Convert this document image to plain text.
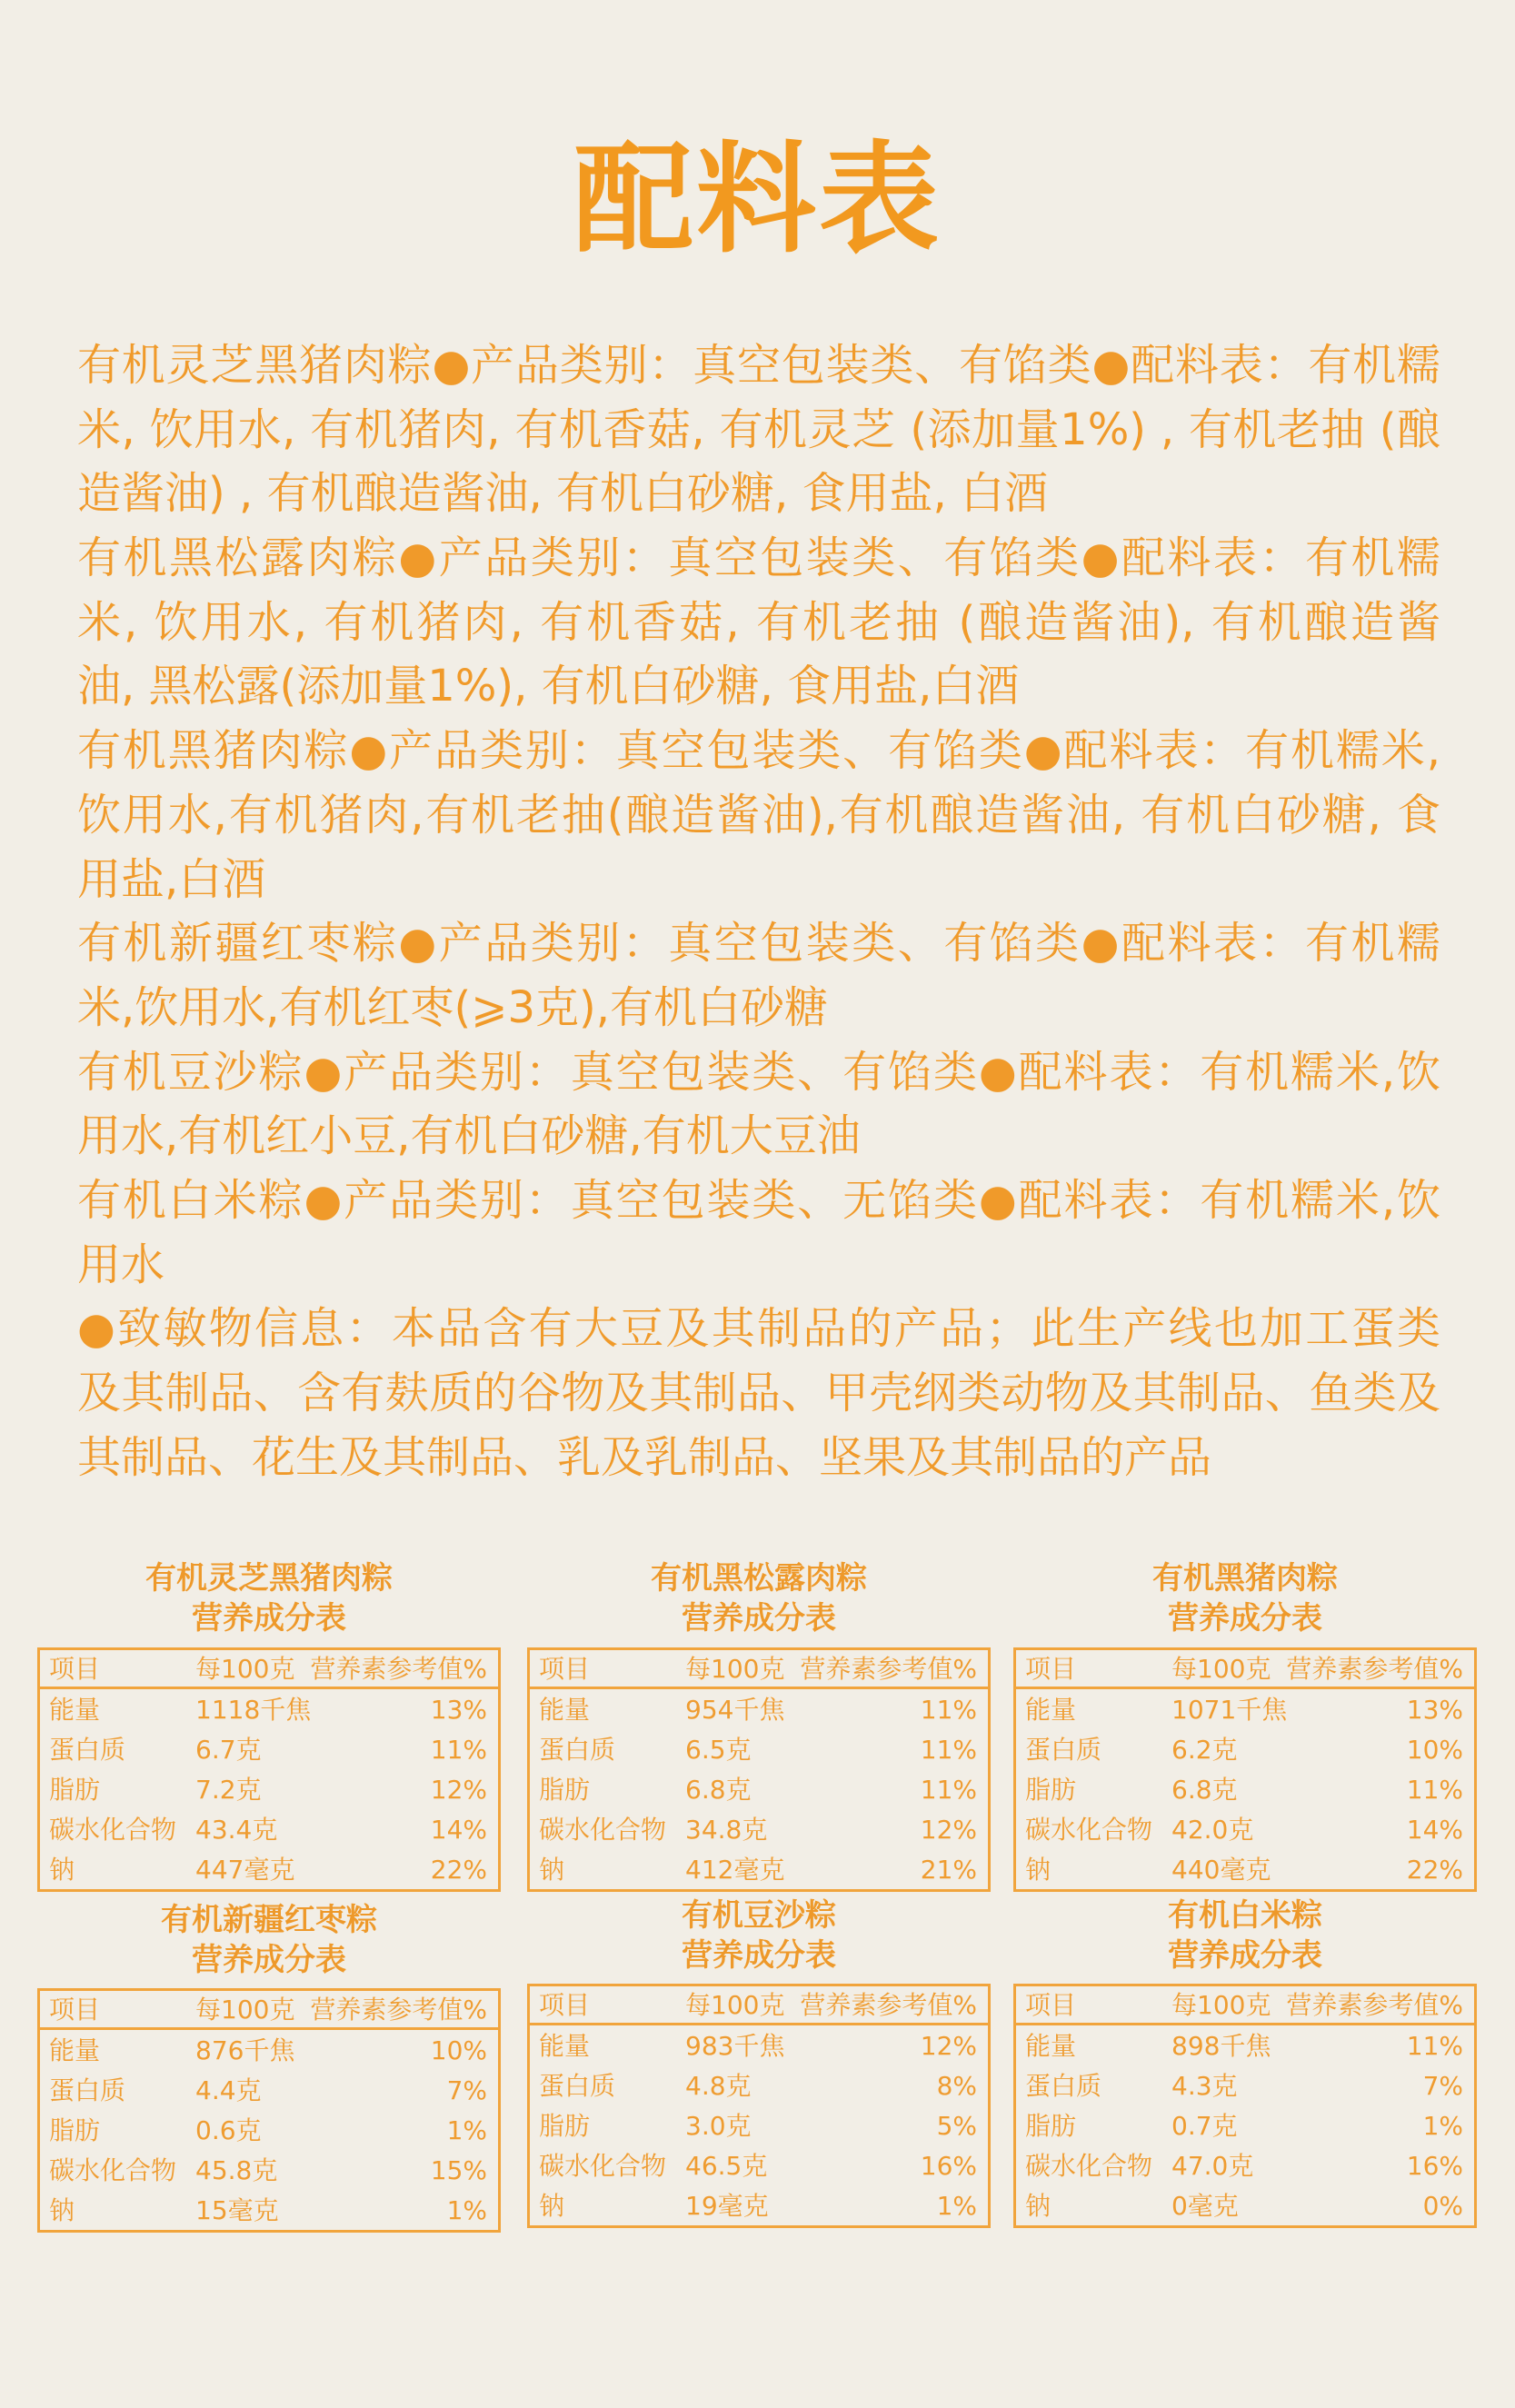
配料表
有机灵芝黑猪肉粽●产品类别：真空包装类、有馅类●配料表：有机糯
米, 饮用水, 有机猪肉, 有机香菇, 有机灵芝 (添加量1%) , 有机老抽 (酿
造酱油) , 有机酿造酱油, 有机白砂糖, 食用盐, 白酒
有机黑松露肉粽●产品类别：真空包装类、有馅类●配料表：有机糯
米, 饮用水, 有机猪肉, 有机香菇, 有机老抽 (酿造酱油), 有机酿造酱
油, 黑松露(添加量1%), 有机白砂糖, 食用盐,白酒
有机黑猪肉粽●产品类别：真空包装类、有馅类●配料表：有机糯米,
饮用水,有机猪肉,有机老抽(酿造酱油),有机酿造酱油, 有机白砂糖, 食
用盐,白酒
有机新疆红枣粽●产品类别：真空包装类、有馅类●配料表：有机糯
米,饮用水,有机红枣(⩾3克),有机白砂糖
有机豆沙粽●产品类别：真空包装类、有馅类●配料表：有机糯米,饮
用水,有机红小豆,有机白砂糖,有机大豆油
有机白米粽●产品类别：真空包装类、无馅类●配料表：有机糯米,饮
用水
●致敏物信息：本品含有大豆及其制品的产品；此生产线也加工蛋类
及其制品、含有麸质的谷物及其制品、甲壳纲类动物及其制品、鱼类及
其制品、花生及其制品、乳及乳制品、坚果及其制品的产品
有机灵芝黑猪肉粽
营养成分表
项目	每100克 营养素参考值%
能量	1118千焦	13%
蛋白质	6.7克	11%
脂肪	7.2克	12%
碳水化合物 43.4克	14%
钠	447毫克	22%
有机黑松露肉粽
营养成分表
项目	每100克 营养素参考值%
能量	954千焦	11%
蛋白质	6.5克	11%
脂肪	6.8克	11%
碳水化合物 34.8克	12%
钠	412毫克	21%
有机黑猪肉粽
营养成分表
项目	每100克 营养素参考值%
能量	1071千焦	13%
蛋白质	6.2克	10%
脂肪	6.8克	11%
碳水化合物 42.0克	14%
钠	440毫克	22%
有机新疆红枣粽
营养成分表
项目	每100克 营养素参考值%
能量	876千焦	10%
蛋白质	4.4克	7%
脂肪	0.6克	1%
碳水化合物 45.8克	15%
钠	15毫克	1%
有机豆沙粽
营养成分表
项目	每100克 营养素参考值%
能量	983千焦	12%
蛋白质	4.8克	8%
脂肪	3.0克	5%
碳水化合物 46.5克	16%
钠	19毫克	1%
有机白米粽
营养成分表
项目	每100克 营养素参考值%
能量	898千焦	11%
蛋白质	4.3克	7%
脂肪	0.7克	1%
碳水化合物 47.0克	16%
钠	0毫克	0%
